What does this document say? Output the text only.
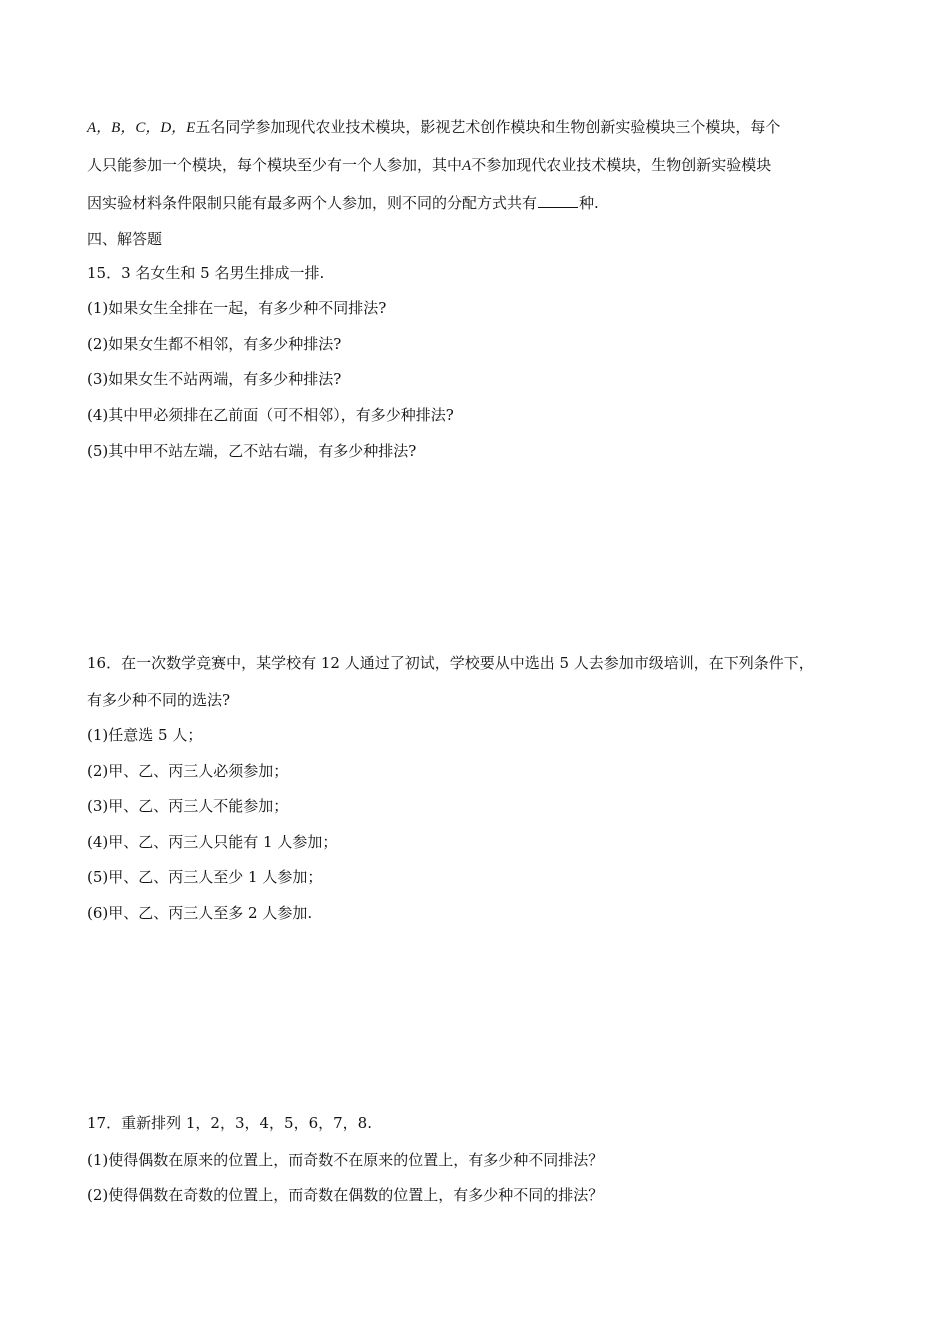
A，B，C，D，E五名同学参加现代农业技术模块，影视艺术创作模块和生物创新实验模块三个模块，每个
人只能参加一个模块，每个模块至少有一个人参加，其中A不参加现代农业技术模块，生物创新实验模块
因实验材料条件限制只能有最多两个人参加，则不同的分配方式共有	种.
四、解答题
15．3 名女生和 5 名男生排成一排.
(1)如果女生全排在一起，有多少种不同排法?
(2)如果女生都不相邻，有多少种排法?
(3)如果女生不站两端，有多少种排法?
(4)其中甲必须排在乙前面（可不相邻），有多少种排法?
(5)其中甲不站左端，乙不站右端，有多少种排法?
16．在一次数学竞赛中，某学校有 12 人通过了初试，学校要从中选出 5 人去参加市级培训，在下列条件下，
有多少种不同的选法?
(1)任意选 5 人；
(2)甲、乙、丙三人必须参加；
(3)甲、乙、丙三人不能参加；
(4)甲、乙、丙三人只能有 1 人参加；
(5)甲、乙、丙三人至少 1 人参加；
(6)甲、乙、丙三人至多 2 人参加.
17．重新排列 1，2，3，4，5，6，7，8.
(1)使得偶数在原来的位置上，而奇数不在原来的位置上，有多少种不同排法？
(2)使得偶数在奇数的位置上，而奇数在偶数的位置上，有多少种不同的排法？
